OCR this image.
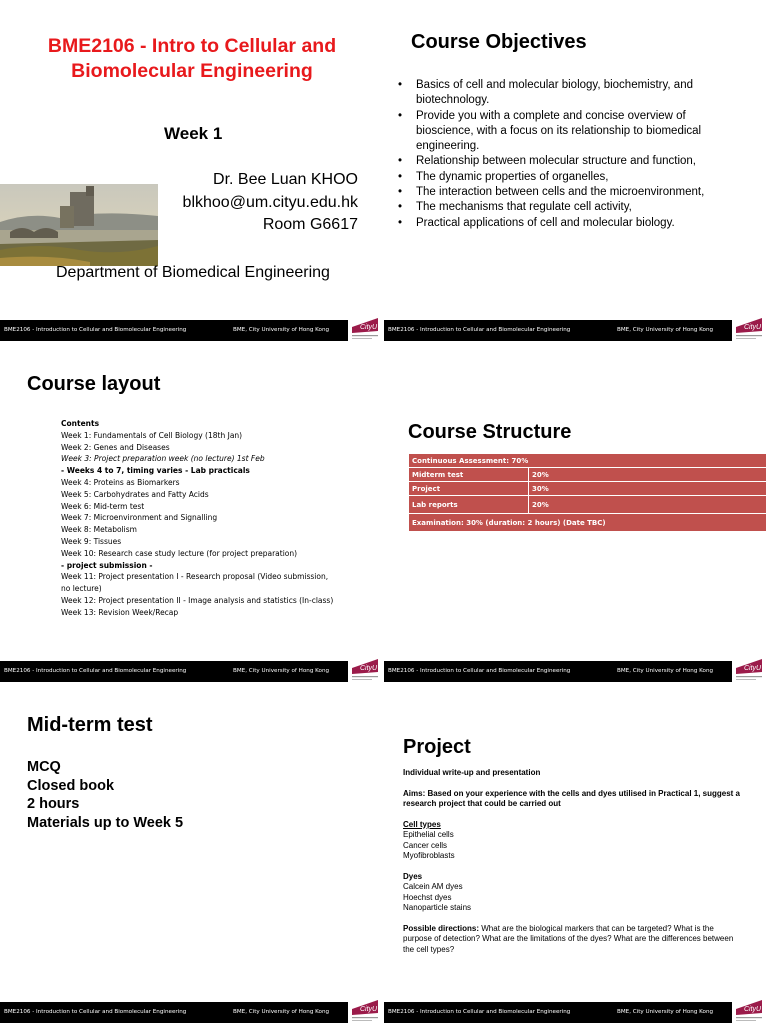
BME2106 - Intro to Cellular and
Biomolecular Engineering
Week 1
Dr. Bee Luan KHOO
blkhoo@um.cityu.edu.hk
Room G6617
Department of Biomedical Engineering
BME2106 - Introduction to Cellular and Biomolecular Engineering	BME, City University of Hong Kong	CityU
Course Objectives
• Basics of cell and molecular biology, biochemistry, and biotechnology.
• Provide you with a complete and concise overview of bioscience, with a focus on its relationship to biomedical engineering.
• Relationship between molecular structure and function,
• The dynamic properties of organelles,
• The interaction between cells and the microenvironment,
• The mechanisms that regulate cell activity,
• Practical applications of cell and molecular biology.
BME2106 - Introduction to Cellular and Biomolecular Engineering	BME, City University of Hong Kong	CityU
Course layout
Contents
Week 1: Fundamentals of Cell Biology (18th Jan)
Week 2: Genes and Diseases
Week 3: Project preparation week (no lecture) 1st Feb
- Weeks 4 to 7, timing varies - Lab practicals
Week 4: Proteins as Biomarkers
Week 5: Carbohydrates and Fatty Acids
Week 6: Mid-term test
Week 7: Microenvironment and Signalling
Week 8: Metabolism
Week 9: Tissues
Week 10: Research case study lecture (for project preparation)
- project submission -
Week 11: Project presentation I - Research proposal (Video submission,
no lecture)
Week 12: Project presentation II - Image analysis and statistics (In-class)
Week 13: Revision Week/Recap
BME2106 - Introduction to Cellular and Biomolecular Engineering	BME, City University of Hong Kong	CityU
Course Structure
Continuous Assessment: 70%	
Midterm test	20%
Project	30%
Lab reports	20%
Examination: 30% (duration: 2 hours) (Date TBC)	
BME2106 - Introduction to Cellular and Biomolecular Engineering	BME, City University of Hong Kong	CityU
Mid-term test
MCQ
Closed book
2 hours
Materials up to Week 5
BME2106 - Introduction to Cellular and Biomolecular Engineering	BME, City University of Hong Kong	CityU
Project

Individual write-up and presentation

Aims: Based on your experience with the cells and dyes utilised in Practical 1, suggest a research project that could be carried out

Cell types

Epithelial cells

Cancer cells

Myofibroblasts

Dyes

Calcein AM dyes

Hoechst dyes

Nanoparticle stains

Possible directions: What are the biological markers that can be targeted? What is the purpose of detection? What are the limitations of the dyes? What are the differences between the cell types?

BME2106 - Introduction to Cellular and Biomolecular Engineering	BME, City University of Hong Kong	CityU
